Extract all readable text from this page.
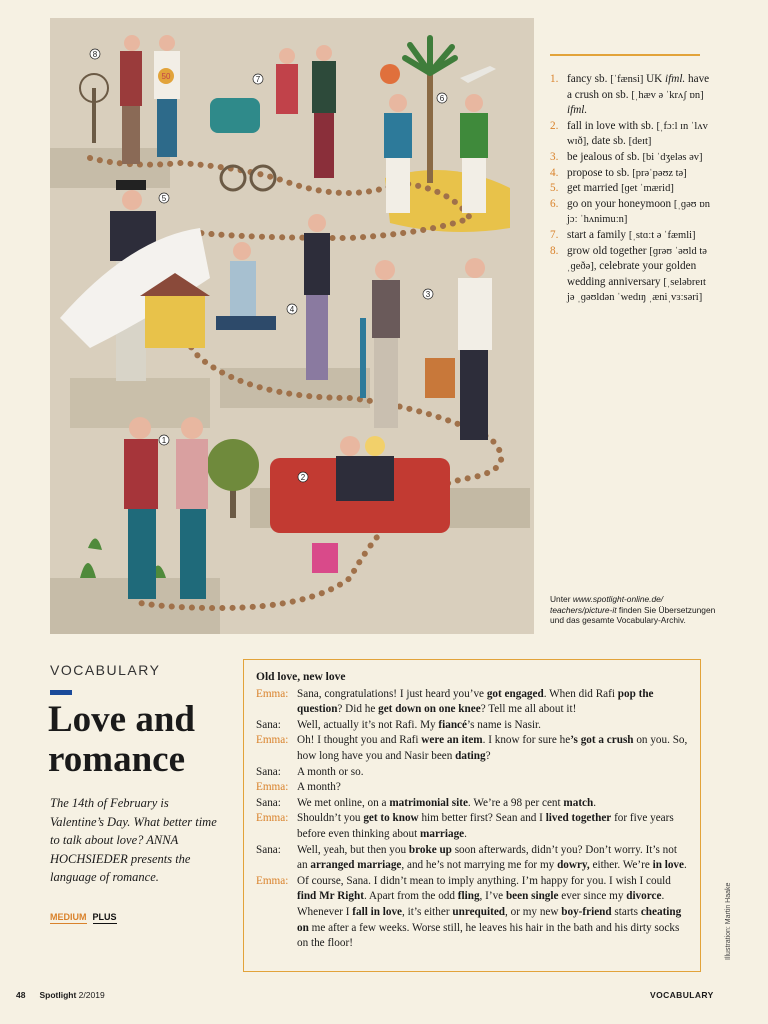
8
7
6
5
4
3
2
1
50	1. fancy sb. [ˈfænsi] UK ifml. have a crush on sb. [ˌhæv ə ˈkrʌʃ ɒn] ifml.
2. fall in love with sb. [ˌfɔːl ɪn ˈlʌv wɪð], date sb. [deɪt]
3. be jealous of sb. [bi ˈdʒeləs əv]
4. propose to sb. [prəˈpəʊz tə]
5. get married [ɡet ˈmærid]
6. go on your honeymoon [ˌɡəʊ ɒn jɔː ˈhʌnimuːn]
7. start a family [ˌstɑːt ə ˈfæmli]
8. grow old together [ɡrəʊ ˈəʊld təˌɡeðə], celebrate your golden wedding anniversary [ˌseləbreɪt jə ˌɡəʊldən ˈwedɪŋ ˌæniˌvɜːsəri]
Unter www.spotlight-online.de/ teachers/picture-it finden Sie Übersetzungen und das gesamte Vocabulary-Archiv.
VOCABULARY
Love and romance

The 14th of February is Valentine’s Day. What better time to talk about love? ANNA HOCHSIEDER presents the language of romance.

MEDIUM PLUS
Old love, new love
Emma: Sana, congratulations! I just heard you’ve got engaged. When did Rafi pop the question? Did he get down on one knee? Tell me all about it!
Sana:	Well, actually it’s not Rafi. My fiancé’s name is Nasir.
Emma: Oh! I thought you and Rafi were an item. I know for sure he’s got a crush on you. So, how long have you and Nasir been dating?
Sana:	A month or so.
Emma: A month?
Sana:	We met online, on a matrimonial site. We’re a 98 per cent match.
Emma: Shouldn’t you get to know him better first? Sean and I lived together for five years before even thinking about marriage.
Sana:	Well, yeah, but then you broke up soon afterwards, didn’t you? Don’t worry. It’s not an arranged marriage, and he’s not marrying me for my dowry, either. We’re in love.
Emma: Of course, Sana. I didn’t mean to imply anything. I’m happy for you. I wish I could find Mr Right. Apart from the odd fling, I’ve been single ever since my divorce. Whenever I fall in love, it’s either unrequited, or my new boy-friend starts cheating on me after a few weeks. Worse still, he leaves his hair in the bath and his dirty socks on the floor!	Illustration: Martin Haake
48 Spotlight 2/2019	VOCABULARY
